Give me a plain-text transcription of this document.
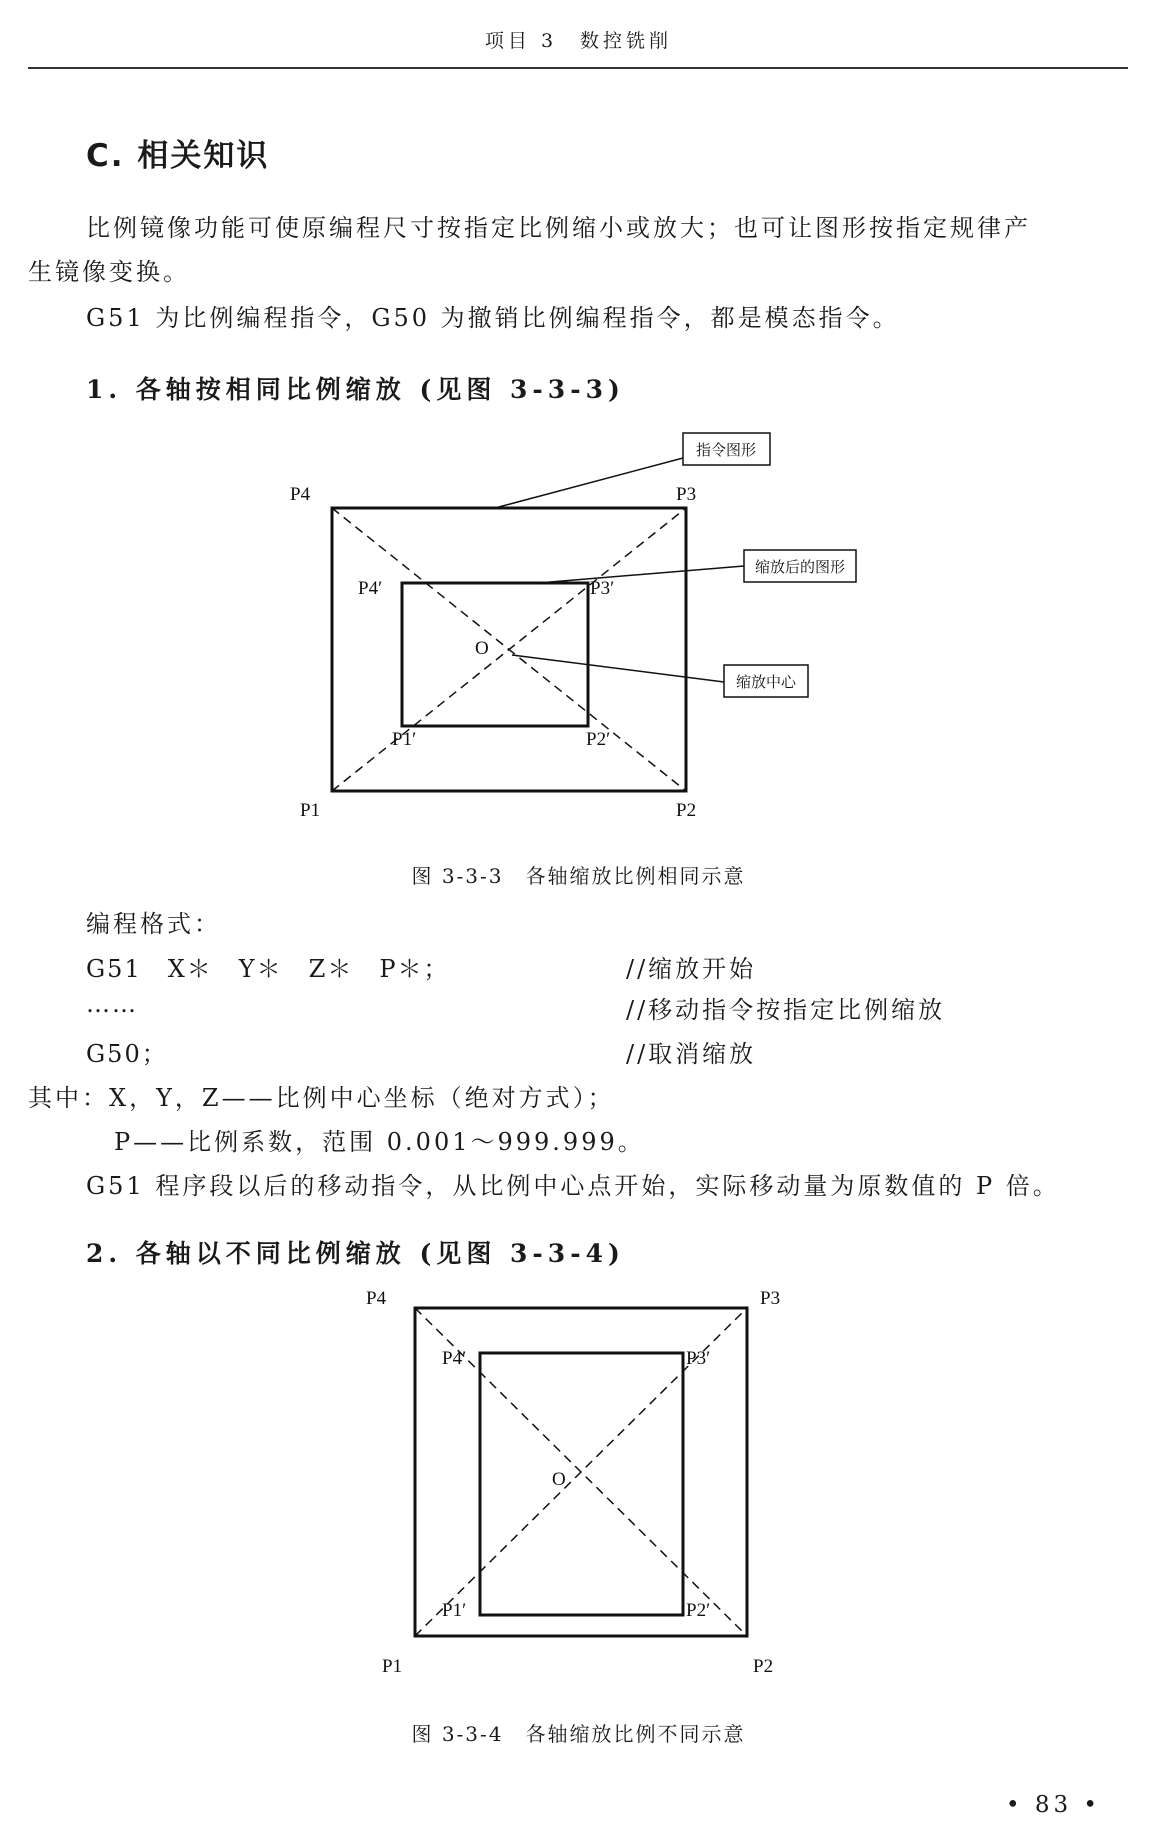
项目 3　数控铣削
C. 相关知识
比例镜像功能可使原编程尺寸按指定比例缩小或放大；也可让图形按指定规律产
生镜像变换。
G51 为比例编程指令，G50 为撤销比例编程指令，都是模态指令。
1. 各轴按相同比例缩放 (见图 3-3-3)
指令图形
缩放后的图形
缩放中心
P4	P3
P1	P2
P4′	P3′
P1′	P2′
O
图 3-3-3　各轴缩放比例相同示意
编程格式：
G51　X＊　Y＊　Z＊　P＊；	//缩放开始
……	//移动指令按指定比例缩放
G50；	//取消缩放
其中：X，Y，Z——比例中心坐标（绝对方式）；
P——比例系数，范围 0.001～999.999。
G51 程序段以后的移动指令，从比例中心点开始，实际移动量为原数值的 P 倍。
2. 各轴以不同比例缩放 (见图 3-3-4)
P4	P3
P1	P2
P4′	P3′
P1′	P2′
O
图 3-3-4　各轴缩放比例不同示意
• 83 •
